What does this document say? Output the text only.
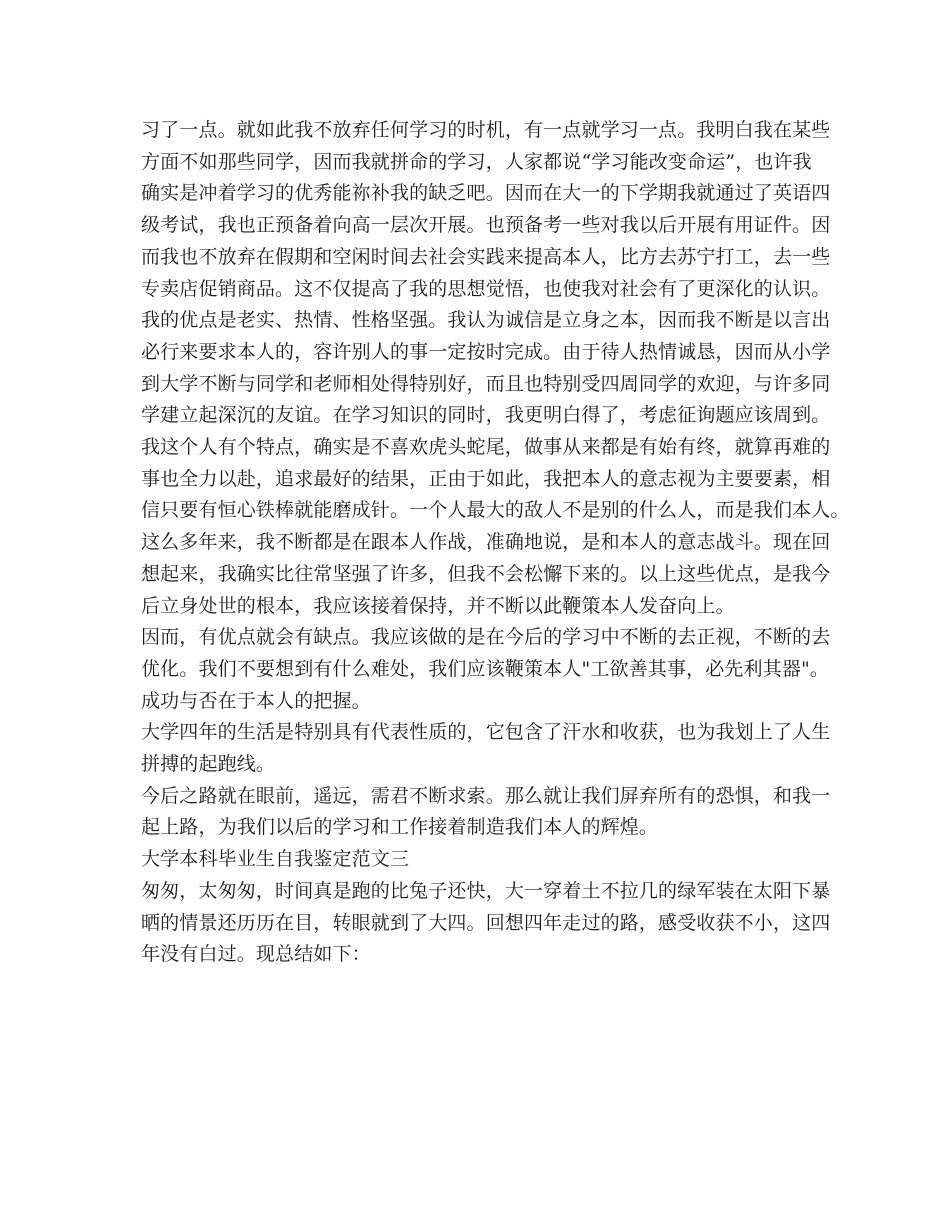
习了一点。就如此我不放弃任何学习的时机，有一点就学习一点。我明白我在某些

方面不如那些同学，因而我就拼命的学习，人家都说“学习能改变命运”，也许我

确实是冲着学习的优秀能祢补我的缺乏吧。因而在大一的下学期我就通过了英语四

级考试，我也正预备着向高一层次开展。也预备考一些对我以后开展有用证件。因

而我也不放弃在假期和空闲时间去社会实践来提高本人，比方去苏宁打工，去一些

专卖店促销商品。这不仅提高了我的思想觉悟，也使我对社会有了更深化的认识。

我的优点是老实、热情、性格坚强。我认为诚信是立身之本，因而我不断是以言出

必行来要求本人的，容许别人的事一定按时完成。由于待人热情诚恳，因而从小学

到大学不断与同学和老师相处得特别好，而且也特别受四周同学的欢迎，与许多同

学建立起深沉的友谊。在学习知识的同时，我更明白得了，考虑征询题应该周到。

我这个人有个特点，确实是不喜欢虎头蛇尾，做事从来都是有始有终，就算再难的

事也全力以赴，追求最好的结果，正由于如此，我把本人的意志视为主要要素，相

信只要有恒心铁棒就能磨成针。一个人最大的敌人不是别的什么人，而是我们本人。

这么多年来，我不断都是在跟本人作战，准确地说，是和本人的意志战斗。现在回

想起来，我确实比往常坚强了许多，但我不会松懈下来的。以上这些优点，是我今

后立身处世的根本，我应该接着保持，并不断以此鞭策本人发奋向上。

因而，有优点就会有缺点。我应该做的是在今后的学习中不断的去正视，不断的去

优化。我们不要想到有什么难处，我们应该鞭策本人"工欲善其事，必先利其器"。

成功与否在于本人的把握。

大学四年的生活是特别具有代表性质的，它包含了汗水和收获，也为我划上了人生

拼搏的起跑线。

今后之路就在眼前，遥远，需君不断求索。那么就让我们屏弃所有的恐惧，和我一

起上路，为我们以后的学习和工作接着制造我们本人的辉煌。

大学本科毕业生自我鉴定范文三

匆匆，太匆匆，时间真是跑的比兔子还快，大一穿着土不拉几的绿军装在太阳下暴

晒的情景还历历在目，转眼就到了大四。回想四年走过的路，感受收获不小，这四

年没有白过。现总结如下：
